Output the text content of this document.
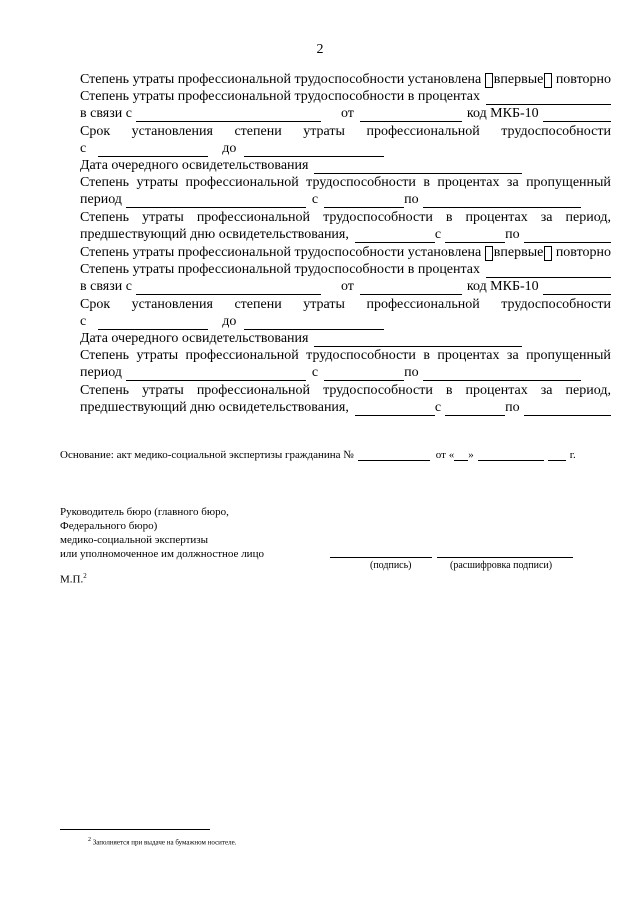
2
Степень утраты профессиональной трудоспособности установлена впервые повторно
Степень утраты профессиональной трудоспособности в процентах
в связи с	от	код МКБ-10
Срок установления степени утраты профессиональной трудоспособности
с	до
Дата очередного освидетельствования
Степень утраты профессиональной трудоспособности в процентах за пропущенный
период	с	по
Степень утраты профессиональной трудоспособности в процентах за период,
предшествующий дню освидетельствования,	с	по
Степень утраты профессиональной трудоспособности установлена впервые повторно
Степень утраты профессиональной трудоспособности в процентах
в связи с	от	код МКБ-10
Срок установления степени утраты профессиональной трудоспособности
с	до
Дата очередного освидетельствования
Степень утраты профессиональной трудоспособности в процентах за пропущенный
период	с	по
Степень утраты профессиональной трудоспособности в процентах за период,
предшествующий дню освидетельствования,	с	по
Основание: акт медико-социальной экспертизы гражданина №	от « »	г.
Руководитель бюро (главного бюро,
Федерального бюро)
медико-социальной экспертизы
или уполномоченное им должностное лицо
(подпись)	(расшифровка подписи)
М.П.$^2$
$^2$ Заполняется при выдаче на бумажном носителе.
